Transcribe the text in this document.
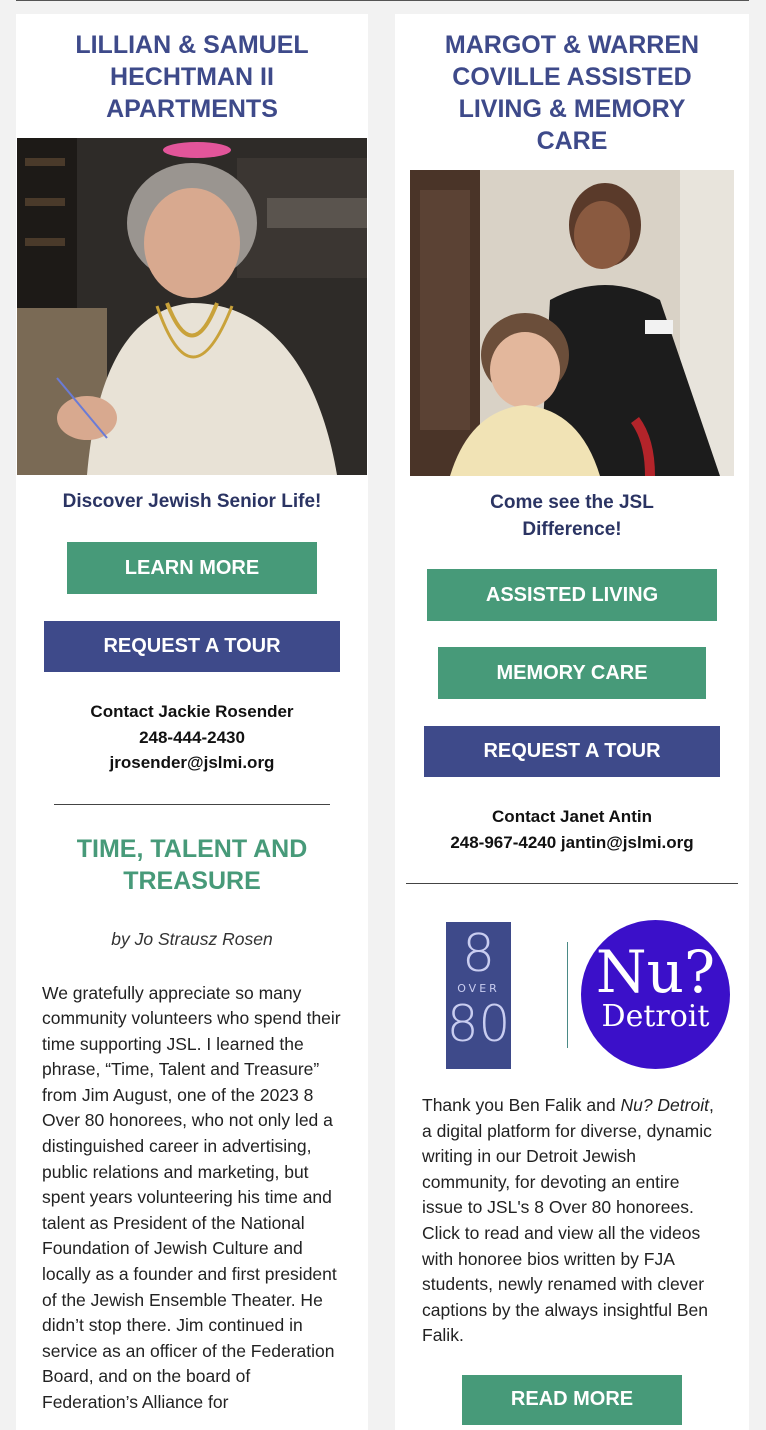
LILLIAN & SAMUEL HECHTMAN II APARTMENTS
Discover Jewish Senior Life!
LEARN MORE
REQUEST A TOUR
Contact Jackie Rosender
248-444-2430
jrosender@jslmi.org
TIME, TALENT AND TREASURE
by Jo Strausz Rosen
We gratefully appreciate so many community volunteers who spend their time supporting JSL. I learned the phrase, “Time, Talent and Treasure” from Jim August, one of the 2023 8 Over 80 honorees, who not only led a distinguished career in advertising, public relations and marketing, but spent years volunteering his time and talent as President of the National Foundation of Jewish Culture and locally as a founder and first president of the Jewish Ensemble Theater. He didn’t stop there. Jim continued in service as an officer of the Federation Board, and on the board of Federation’s Alliance for
MARGOT & WARREN COVILLE ASSISTED LIVING & MEMORY CARE
Come see the JSL Difference!
ASSISTED LIVING
MEMORY CARE
REQUEST A TOUR
Contact Janet Antin
248-967-4240 jantin@jslmi.org
8
OVER
80
Nu?
Detroit
Thank you Ben Falik and Nu? Detroit, a digital platform for diverse, dynamic writing in our Detroit Jewish community, for devoting an entire issue to JSL's 8 Over 80 honorees. Click to read and view all the videos with honoree bios written by FJA students, newly renamed with clever captions by the always insightful Ben Falik.
READ MORE
